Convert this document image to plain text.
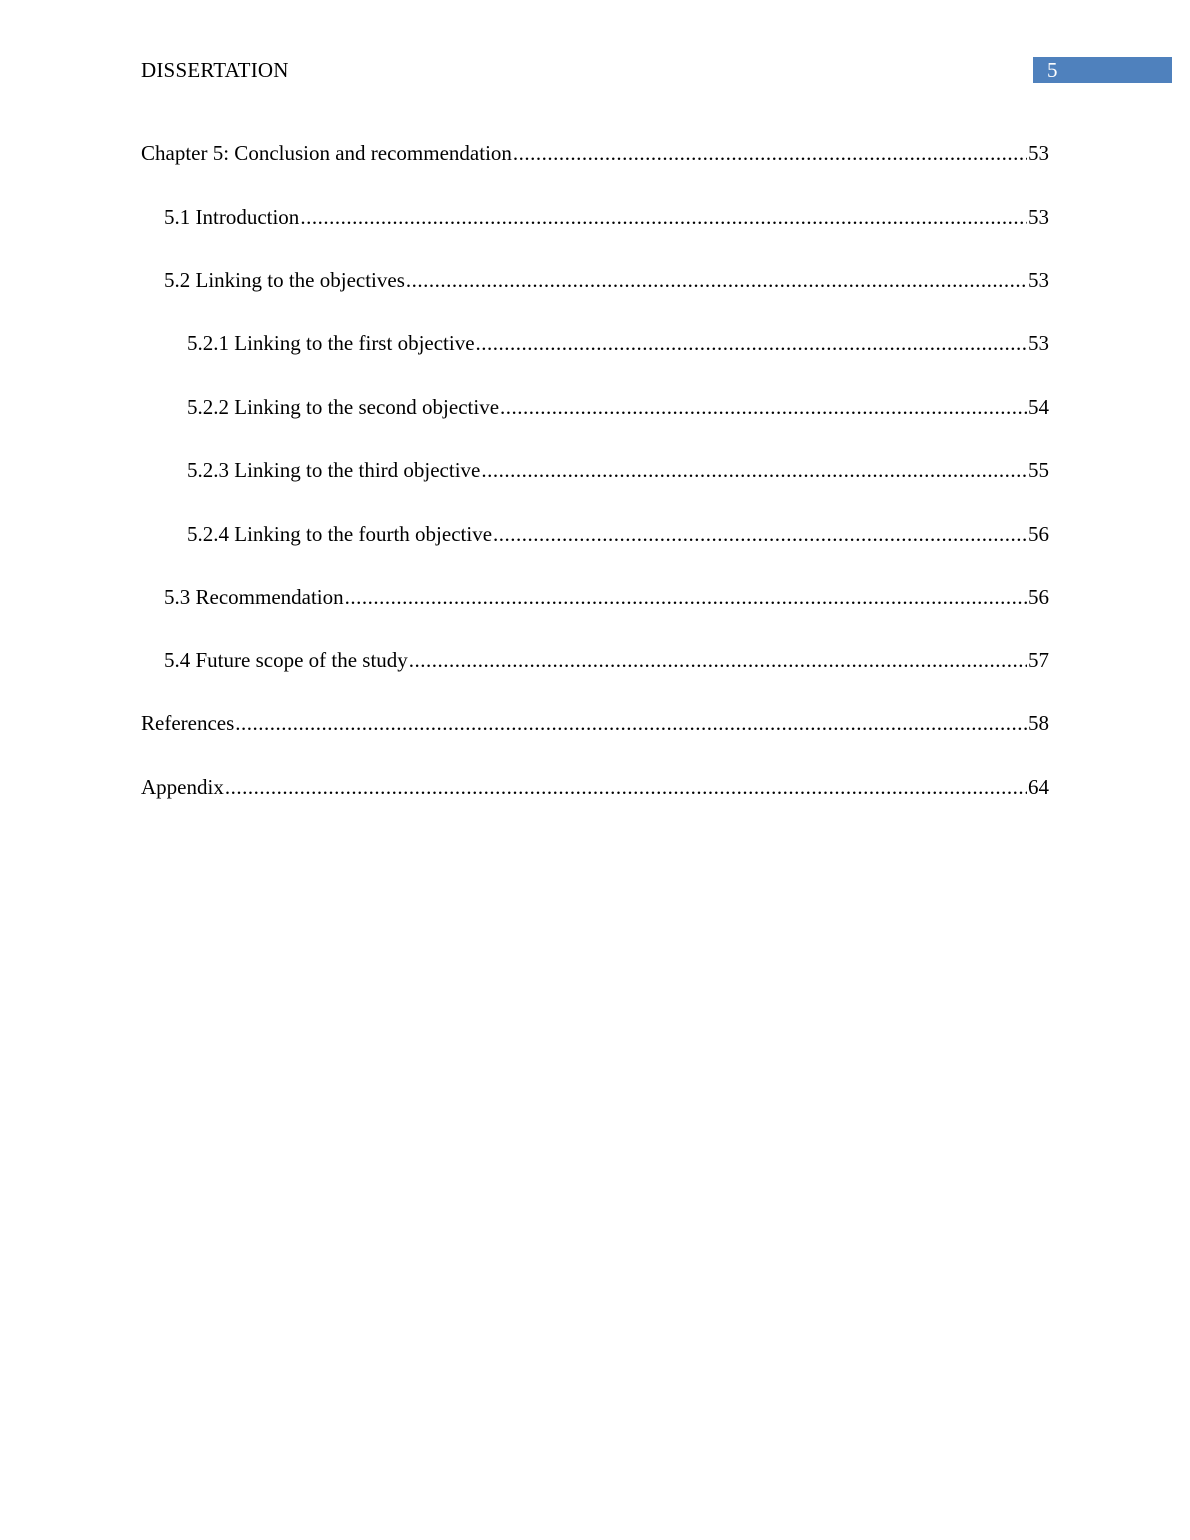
DISSERTATION	5
Chapter 5: Conclusion and recommendation .....	53
5.1 Introduction .....	53
5.2 Linking to the objectives .....	53
5.2.1 Linking to the first objective .....	53
5.2.2 Linking to the second objective .....	54
5.2.3 Linking to the third objective .....	55
5.2.4 Linking to the fourth objective .....	56
5.3 Recommendation .....	56
5.4 Future scope of the study .....	57
References .....	58
Appendix .....	64
